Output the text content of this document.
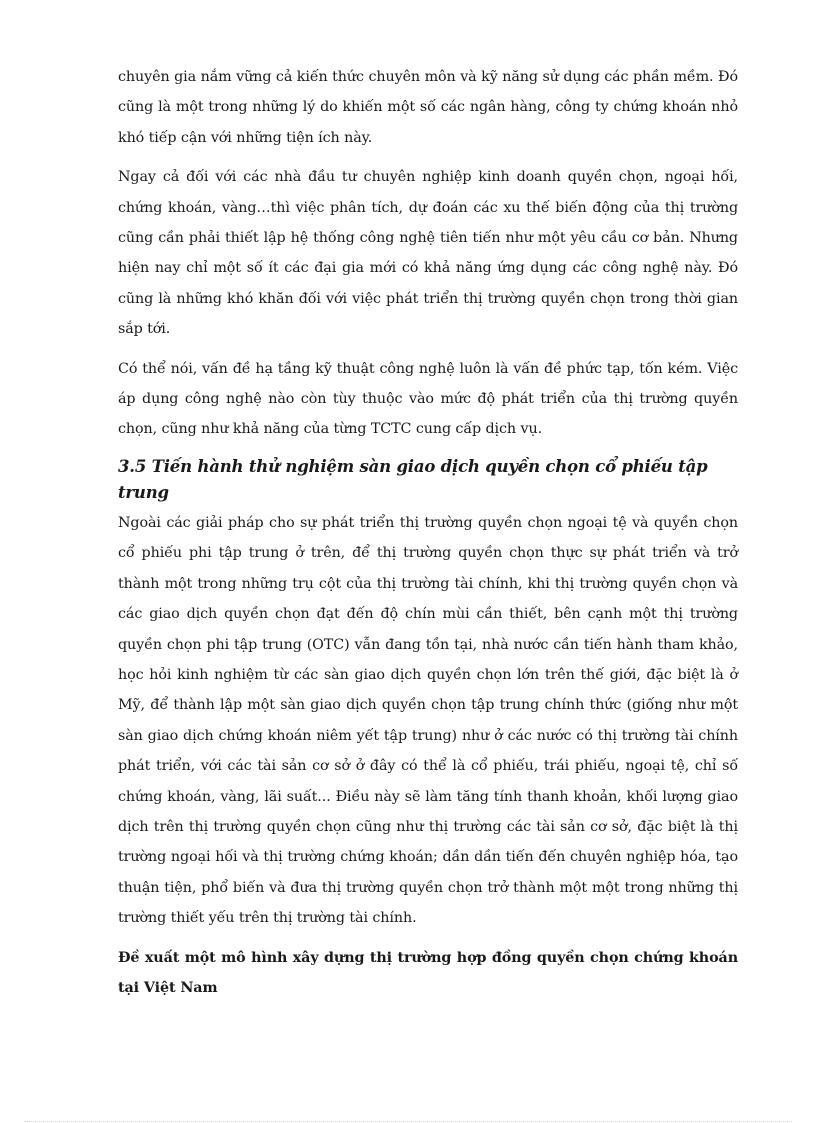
chuyên gia nắm vững cả kiến thức chuyên môn và kỹ năng sử dụng các phần mềm. Đó cũng là một trong những lý do khiến một số các ngân hàng, công ty chứng khoán nhỏ khó tiếp cận với những tiện ích này.

Ngay cả đối với các nhà đầu tư chuyên nghiệp kinh doanh quyền chọn, ngoại hối, chứng khoán, vàng…thì việc phân tích, dự đoán các xu thế biến động của thị trường cũng cần phải thiết lập hệ thống công nghệ tiên tiến như một yêu cầu cơ bản. Nhưng hiện nay chỉ một số ít các đại gia mới có khả năng ứng dụng các công nghệ này. Đó cũng là những khó khăn đối với việc phát triển thị trường quyền chọn trong thời gian sắp tới.

Có thể nói, vấn đề hạ tầng kỹ thuật công nghệ luôn là vấn đề phức tạp, tốn kém. Việc áp dụng công nghệ nào còn tùy thuộc vào mức độ phát triển của thị trường quyền chọn, cũng như khả năng của từng TCTC cung cấp dịch vụ.

3.5 Tiến hành thử nghiệm sàn giao dịch quyền chọn cổ phiếu tập trung

Ngoài các giải pháp cho sự phát triển thị trường quyền chọn ngoại tệ và quyền chọn cổ phiếu phi tập trung ở trên, để thị trường quyền chọn thực sự phát triển và trở thành một trong những trụ cột của thị trường tài chính, khi thị trường quyền chọn và các giao dịch quyền chọn đạt đến độ chín mùi cần thiết, bên cạnh một thị trường quyền chọn phi tập trung (OTC) vẫn đang tồn tại, nhà nước cần tiến hành tham khảo, học hỏi kinh nghiệm từ các sàn giao dịch quyền chọn lớn trên thế giới, đặc biệt là ở Mỹ, để thành lập một sàn giao dịch quyền chọn tập trung chính thức (giống như một sàn giao dịch chứng khoán niêm yết tập trung) như ở các nước có thị trường tài chính phát triển, với các tài sản cơ sở ở đây có thể là cổ phiếu, trái phiếu, ngoại tệ, chỉ số chứng khoán, vàng, lãi suất... Điều này sẽ làm tăng tính thanh khoản, khối lượng giao dịch trên thị trường quyền chọn cũng như thị trường các tài sản cơ sở, đặc biệt là thị trường ngoại hối và thị trường chứng khoán; dần dần tiến đến chuyên nghiệp hóa, tạo thuận tiện, phổ biến và đưa thị trường quyền chọn trở thành một một trong những thị trường thiết yếu trên thị trường tài chính.

Đề xuất một mô hình xây dựng thị trường hợp đồng quyền chọn chứng khoán tại Việt Nam
